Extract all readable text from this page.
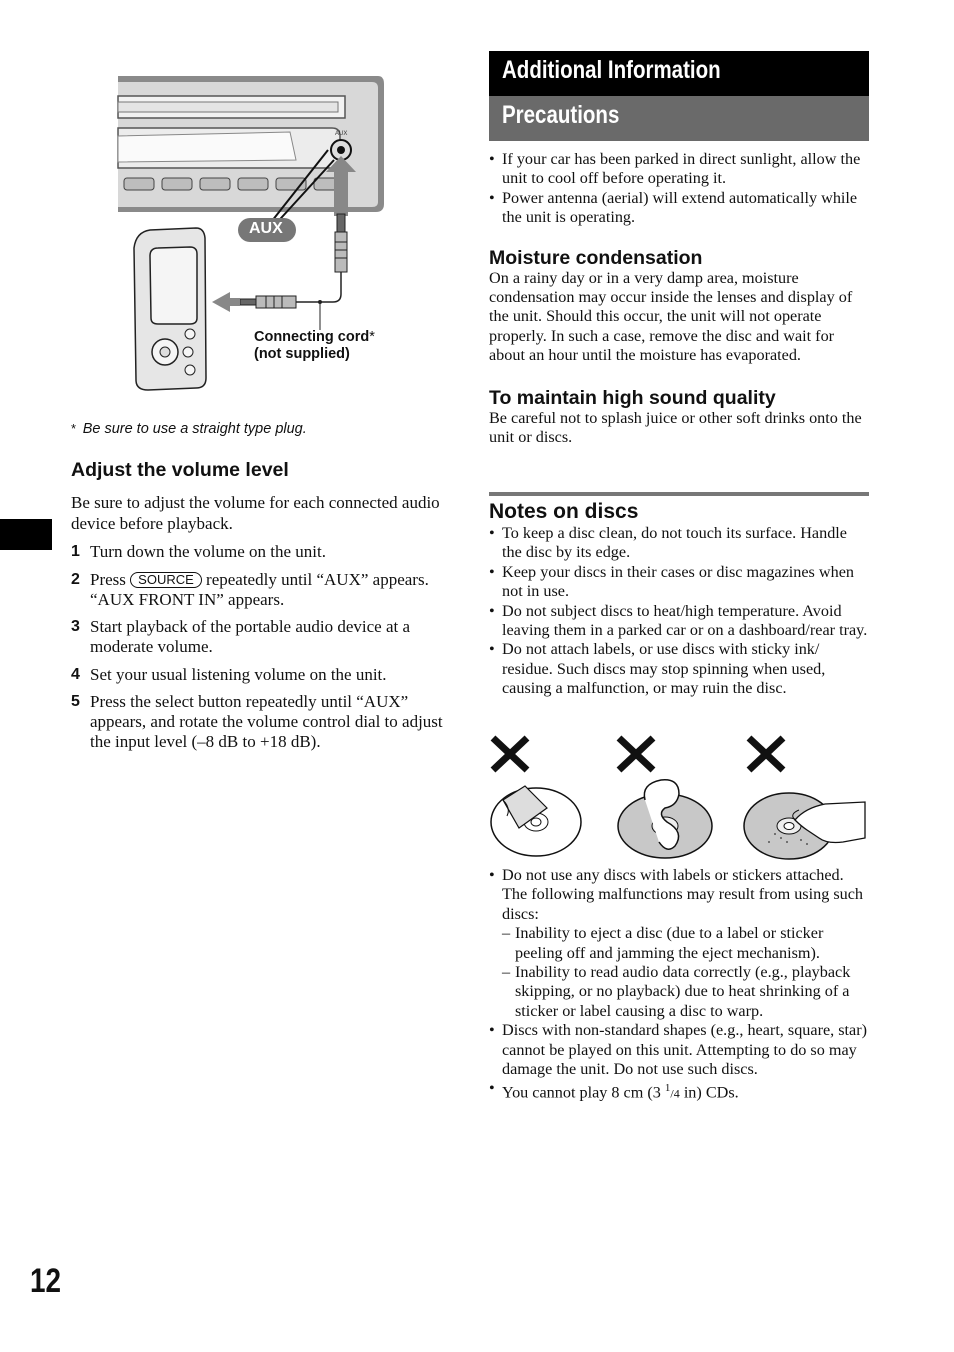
AUX
AUX
Connecting cord*
(not supplied)
* Be sure to use a straight type plug.
Adjust the volume level

Be sure to adjust the volume for each connected audio device before playback.

1 Turn down the volume on the unit.
2 Press SOURCE repeatedly until “AUX” appears.
“AUX FRONT IN” appears.
3 Start playback of the portable audio device at a moderate volume.
4 Set your usual listening volume on the unit.
5 Press the select button repeatedly until “AUX” appears, and rotate the volume control dial to adjust the input level (–8 dB to +18 dB).
12
Additional Information
Precautions
• If your car has been parked in direct sunlight, allow the unit to cool off before operating it.
• Power antenna (aerial) will extend automatically while the unit is operating.
Moisture condensation

On a rainy day or in a very damp area, moisture condensation may occur inside the lenses and display of the unit. Should this occur, the unit will not operate properly. In such a case, remove the disc and wait for about an hour until the moisture has evaporated.

To maintain high sound quality

Be careful not to splash juice or other soft drinks onto the unit or discs.

Notes on discs
• To keep a disc clean, do not touch its surface. Handle the disc by its edge.
• Keep your discs in their cases or disc magazines when not in use.
• Do not subject discs to heat/high temperature. Avoid leaving them in a parked car or on a dashboard/rear tray.
• Do not attach labels, or use discs with sticky ink/ residue. Such discs may stop spinning when used, causing a malfunction, or may ruin the disc.
• Do not use any discs with labels or stickers attached.
The following malfunctions may result from using such discs:
– Inability to eject a disc (due to a label or sticker peeling off and jamming the eject mechanism).
– Inability to read audio data correctly (e.g., playback skipping, or no playback) due to heat shrinking of a sticker or label causing a disc to warp.
• Discs with non-standard shapes (e.g., heart, square, star) cannot be played on this unit. Attempting to do so may damage the unit. Do not use such discs.
• You cannot play 8 cm (3 $^1$/4 in) CDs.
